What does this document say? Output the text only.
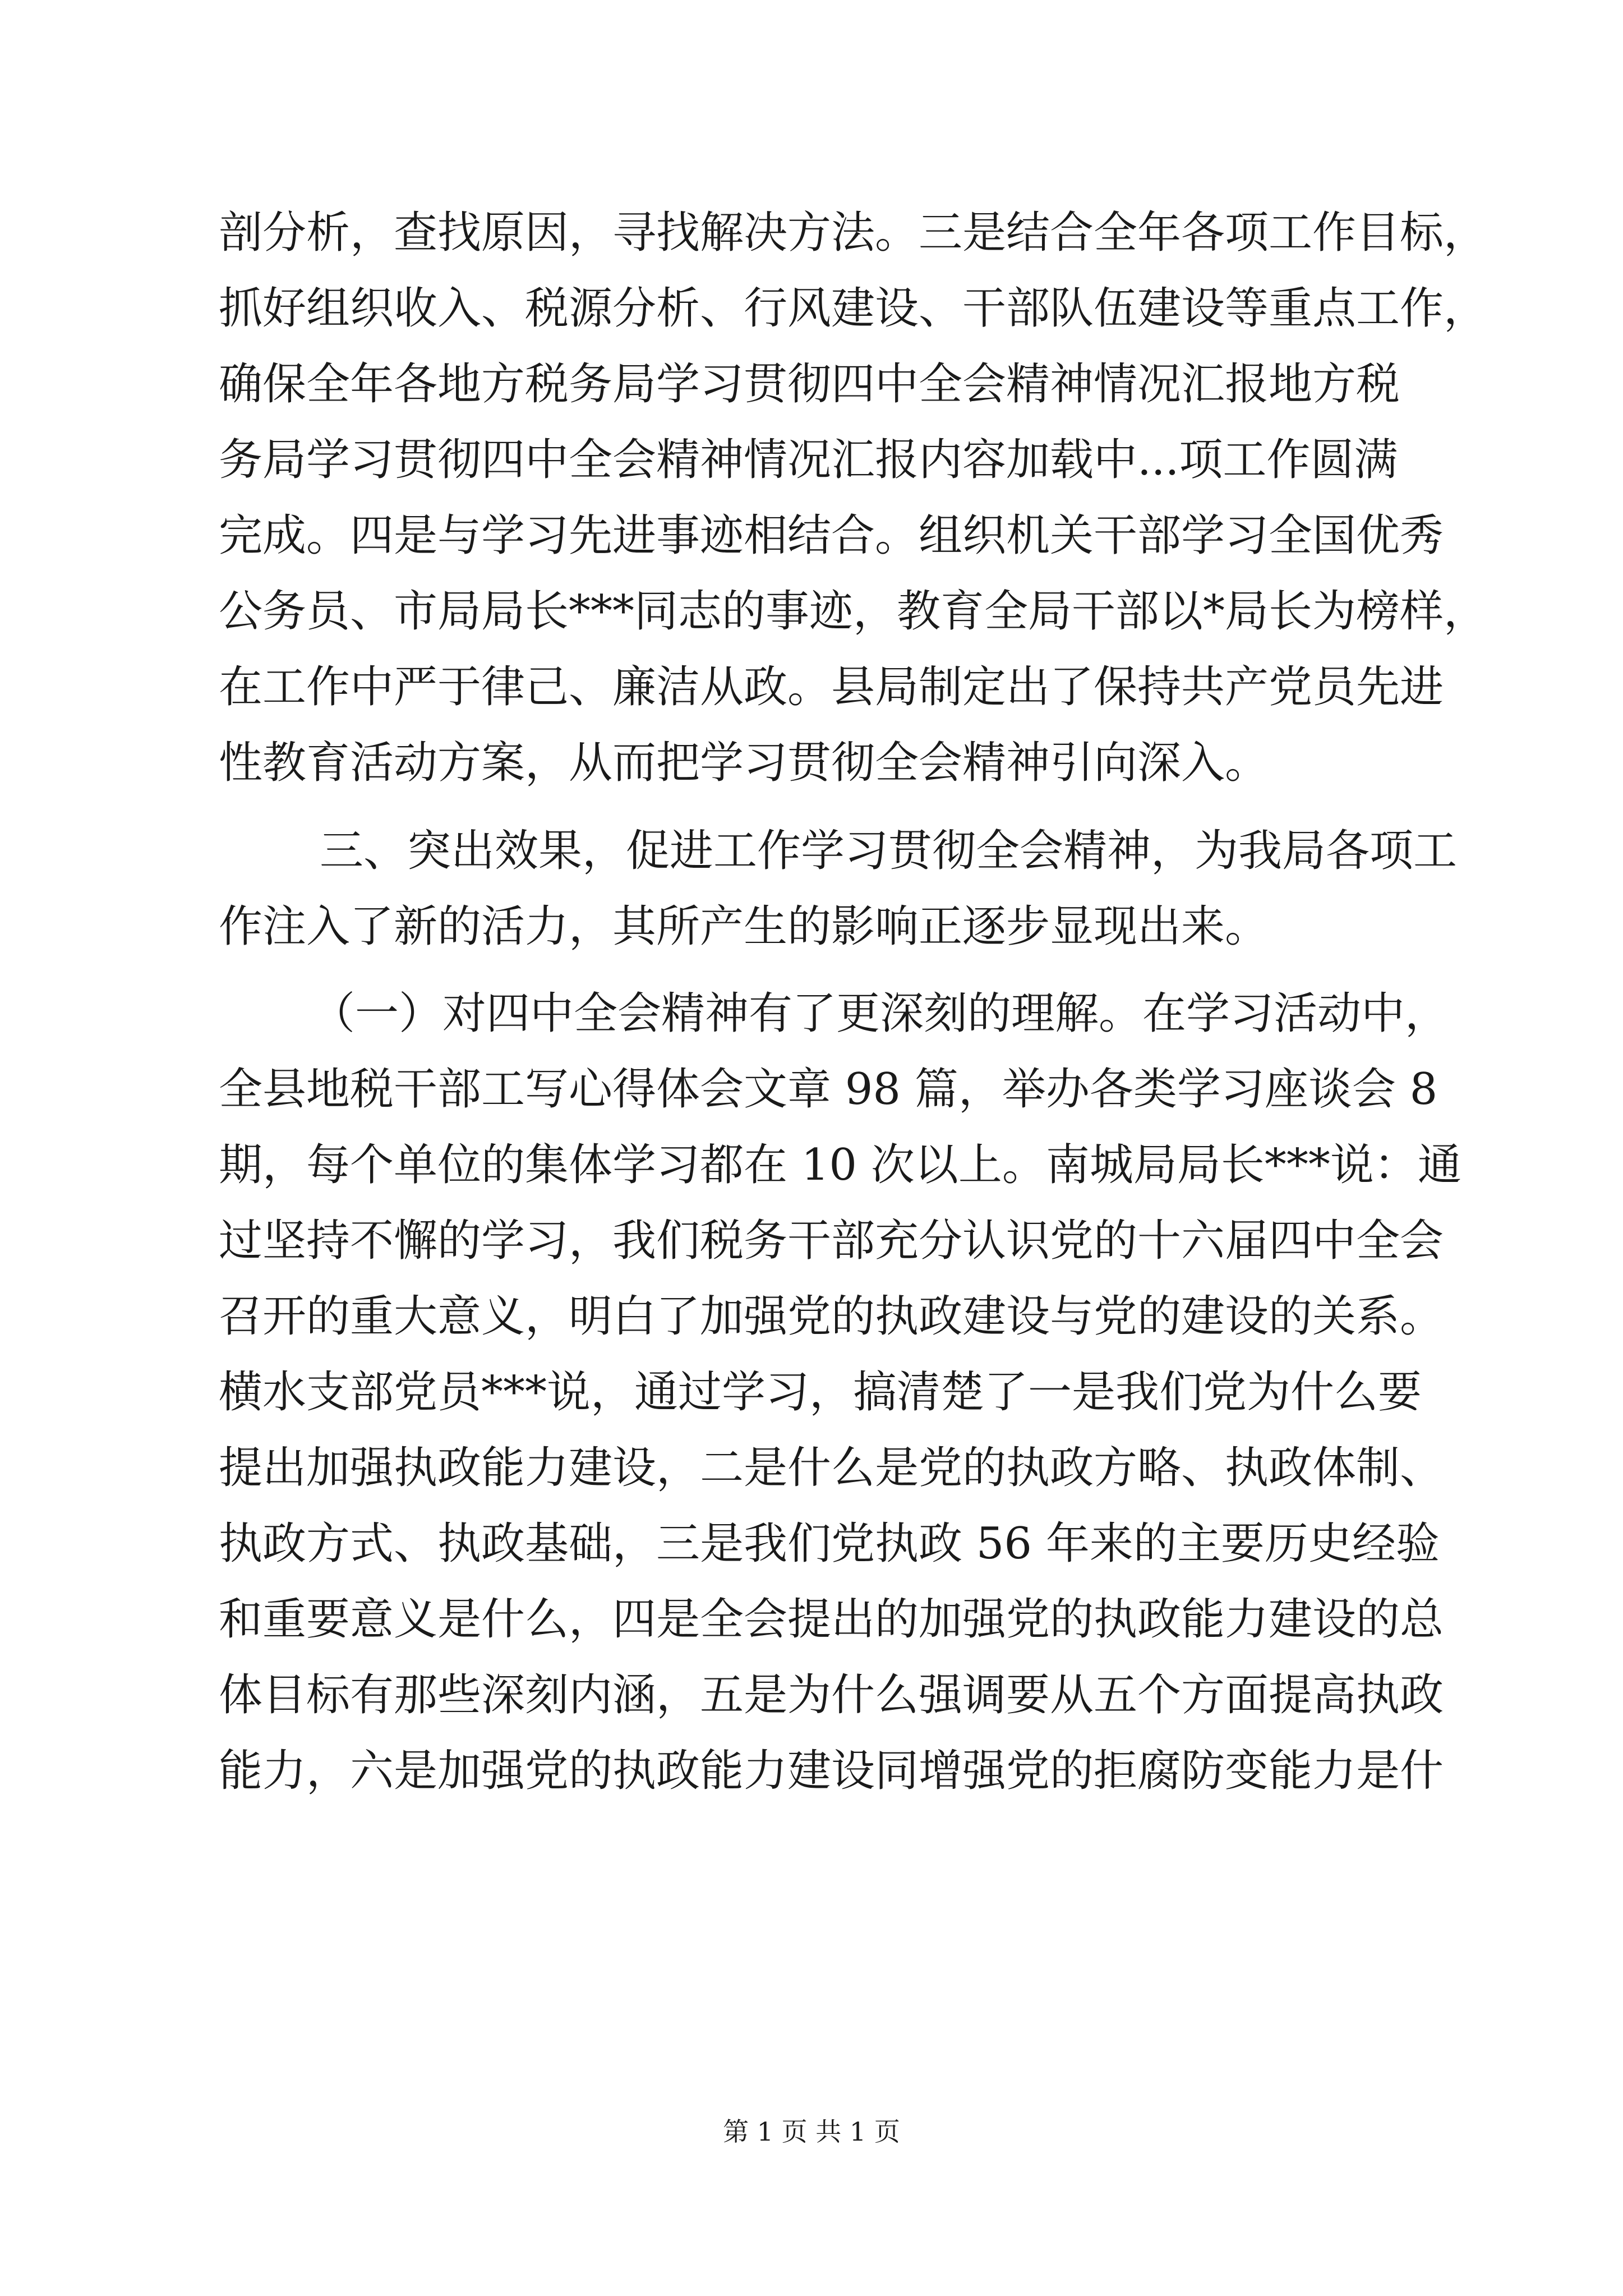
剖分析，查找原因，寻找解决方法。三是结合全年各项工作目标，
抓好组织收入、税源分析、行风建设、干部队伍建设等重点工作，
确保全年各地方税务局学习贯彻四中全会精神情况汇报地方税
务局学习贯彻四中全会精神情况汇报内容加载中...项工作圆满
完成。四是与学习先进事迹相结合。组织机关干部学习全国优秀
公务员、市局局长***同志的事迹，教育全局干部以*局长为榜样，
在工作中严于律己、廉洁从政。县局制定出了保持共产党员先进
性教育活动方案，从而把学习贯彻全会精神引向深入。
三、突出效果，促进工作学习贯彻全会精神，为我局各项工
作注入了新的活力，其所产生的影响正逐步显现出来。
（一）对四中全会精神有了更深刻的理解。在学习活动中，
全县地税干部工写心得体会文章 98 篇，举办各类学习座谈会 8
期，每个单位的集体学习都在 10 次以上。南城局局长***说：通
过坚持不懈的学习，我们税务干部充分认识党的十六届四中全会
召开的重大意义，明白了加强党的执政建设与党的建设的关系。
横水支部党员***说，通过学习，搞清楚了一是我们党为什么要
提出加强执政能力建设，二是什么是党的执政方略、执政体制、
执政方式、执政基础，三是我们党执政 56 年来的主要历史经验
和重要意义是什么，四是全会提出的加强党的执政能力建设的总
体目标有那些深刻内涵，五是为什么强调要从五个方面提高执政
能力，六是加强党的执政能力建设同增强党的拒腐防变能力是什
第 1 页 共 1 页
